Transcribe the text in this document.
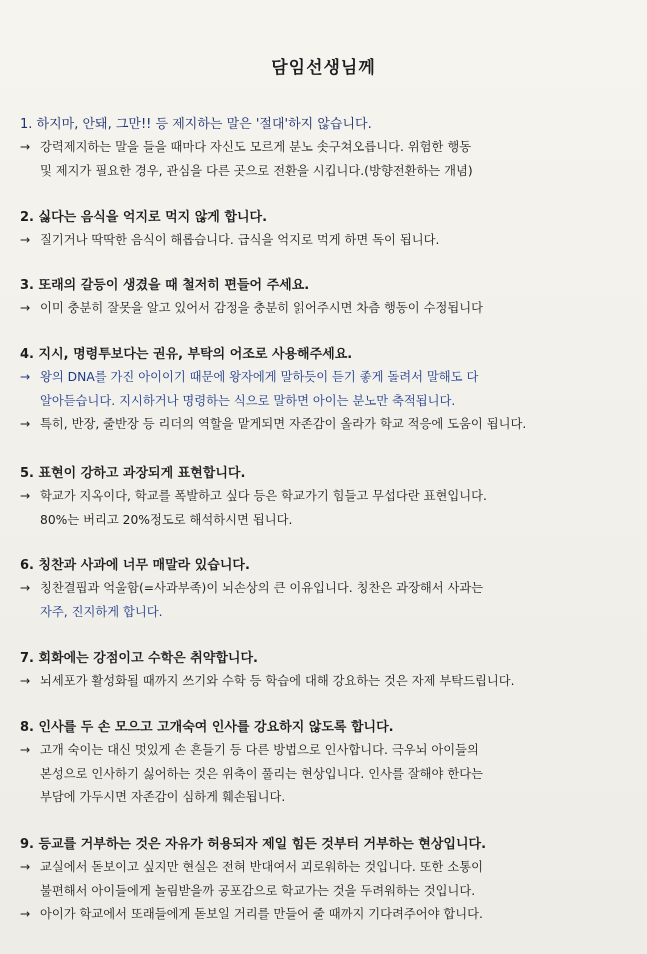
담임선생님께
1. 하지마, 안돼, 그만!! 등 제지하는 말은 '절대'하지 않습니다.
→ 강력제지하는 말을 들을 때마다 자신도 모르게 분노 솟구쳐오릅니다. 위험한 행동
및 제지가 필요한 경우, 관심을 다른 곳으로 전환을 시킵니다.(방향전환하는 개념)
2. 싫다는 음식을 억지로 먹지 않게 합니다.
→ 질기거나 딱딱한 음식이 해롭습니다. 급식을 억지로 먹게 하면 독이 됩니다.
3. 또래의 갈등이 생겼을 때 철저히 편들어 주세요.
→ 이미 충분히 잘못을 알고 있어서 감정을 충분히 읽어주시면 차츰 행동이 수정됩니다
4. 지시, 명령투보다는 권유, 부탁의 어조로 사용해주세요.
→ 왕의 DNA를 가진 아이이기 때문에 왕자에게 말하듯이 듣기 좋게 돌려서 말해도 다
알아듣습니다. 지시하거나 명령하는 식으로 말하면 아이는 분노만 축적됩니다.
→ 특히, 반장, 줄반장 등 리더의 역할을 맡게되면 자존감이 올라가 학교 적응에 도움이 됩니다.
5. 표현이 강하고 과장되게 표현합니다.
→ 학교가 지옥이다, 학교를 폭발하고 싶다 등은 학교가기 힘들고 무섭다란 표현입니다.
80%는 버리고 20%정도로 해석하시면 됩니다.
6. 칭찬과 사과에 너무 매말라 있습니다.
→ 칭찬결핍과 억울함(=사과부족)이 뇌손상의 큰 이유입니다. 칭찬은 과장해서 사과는
자주, 진지하게 합니다.
7. 회화에는 강점이고 수학은 취약합니다.
→ 뇌세포가 활성화될 때까지 쓰기와 수학 등 학습에 대해 강요하는 것은 자제 부탁드립니다.
8. 인사를 두 손 모으고 고개숙여 인사를 강요하지 않도록 합니다.
→ 고개 숙이는 대신 멋있게 손 흔들기 등 다른 방법으로 인사합니다. 극우뇌 아이들의
본성으로 인사하기 싫어하는 것은 위축이 풀리는 현상입니다. 인사를 잘해야 한다는
부담에 가두시면 자존감이 심하게 훼손됩니다.
9. 등교를 거부하는 것은 자유가 허용되자 제일 힘든 것부터 거부하는 현상입니다.
→ 교실에서 돋보이고 싶지만 현실은 전혀 반대여서 괴로워하는 것입니다. 또한 소통이
불편해서 아이들에게 놀림받을까 공포감으로 학교가는 것을 두려워하는 것입니다.
→ 아이가 학교에서 또래들에게 돋보일 거리를 만들어 줄 때까지 기다려주어야 합니다.
